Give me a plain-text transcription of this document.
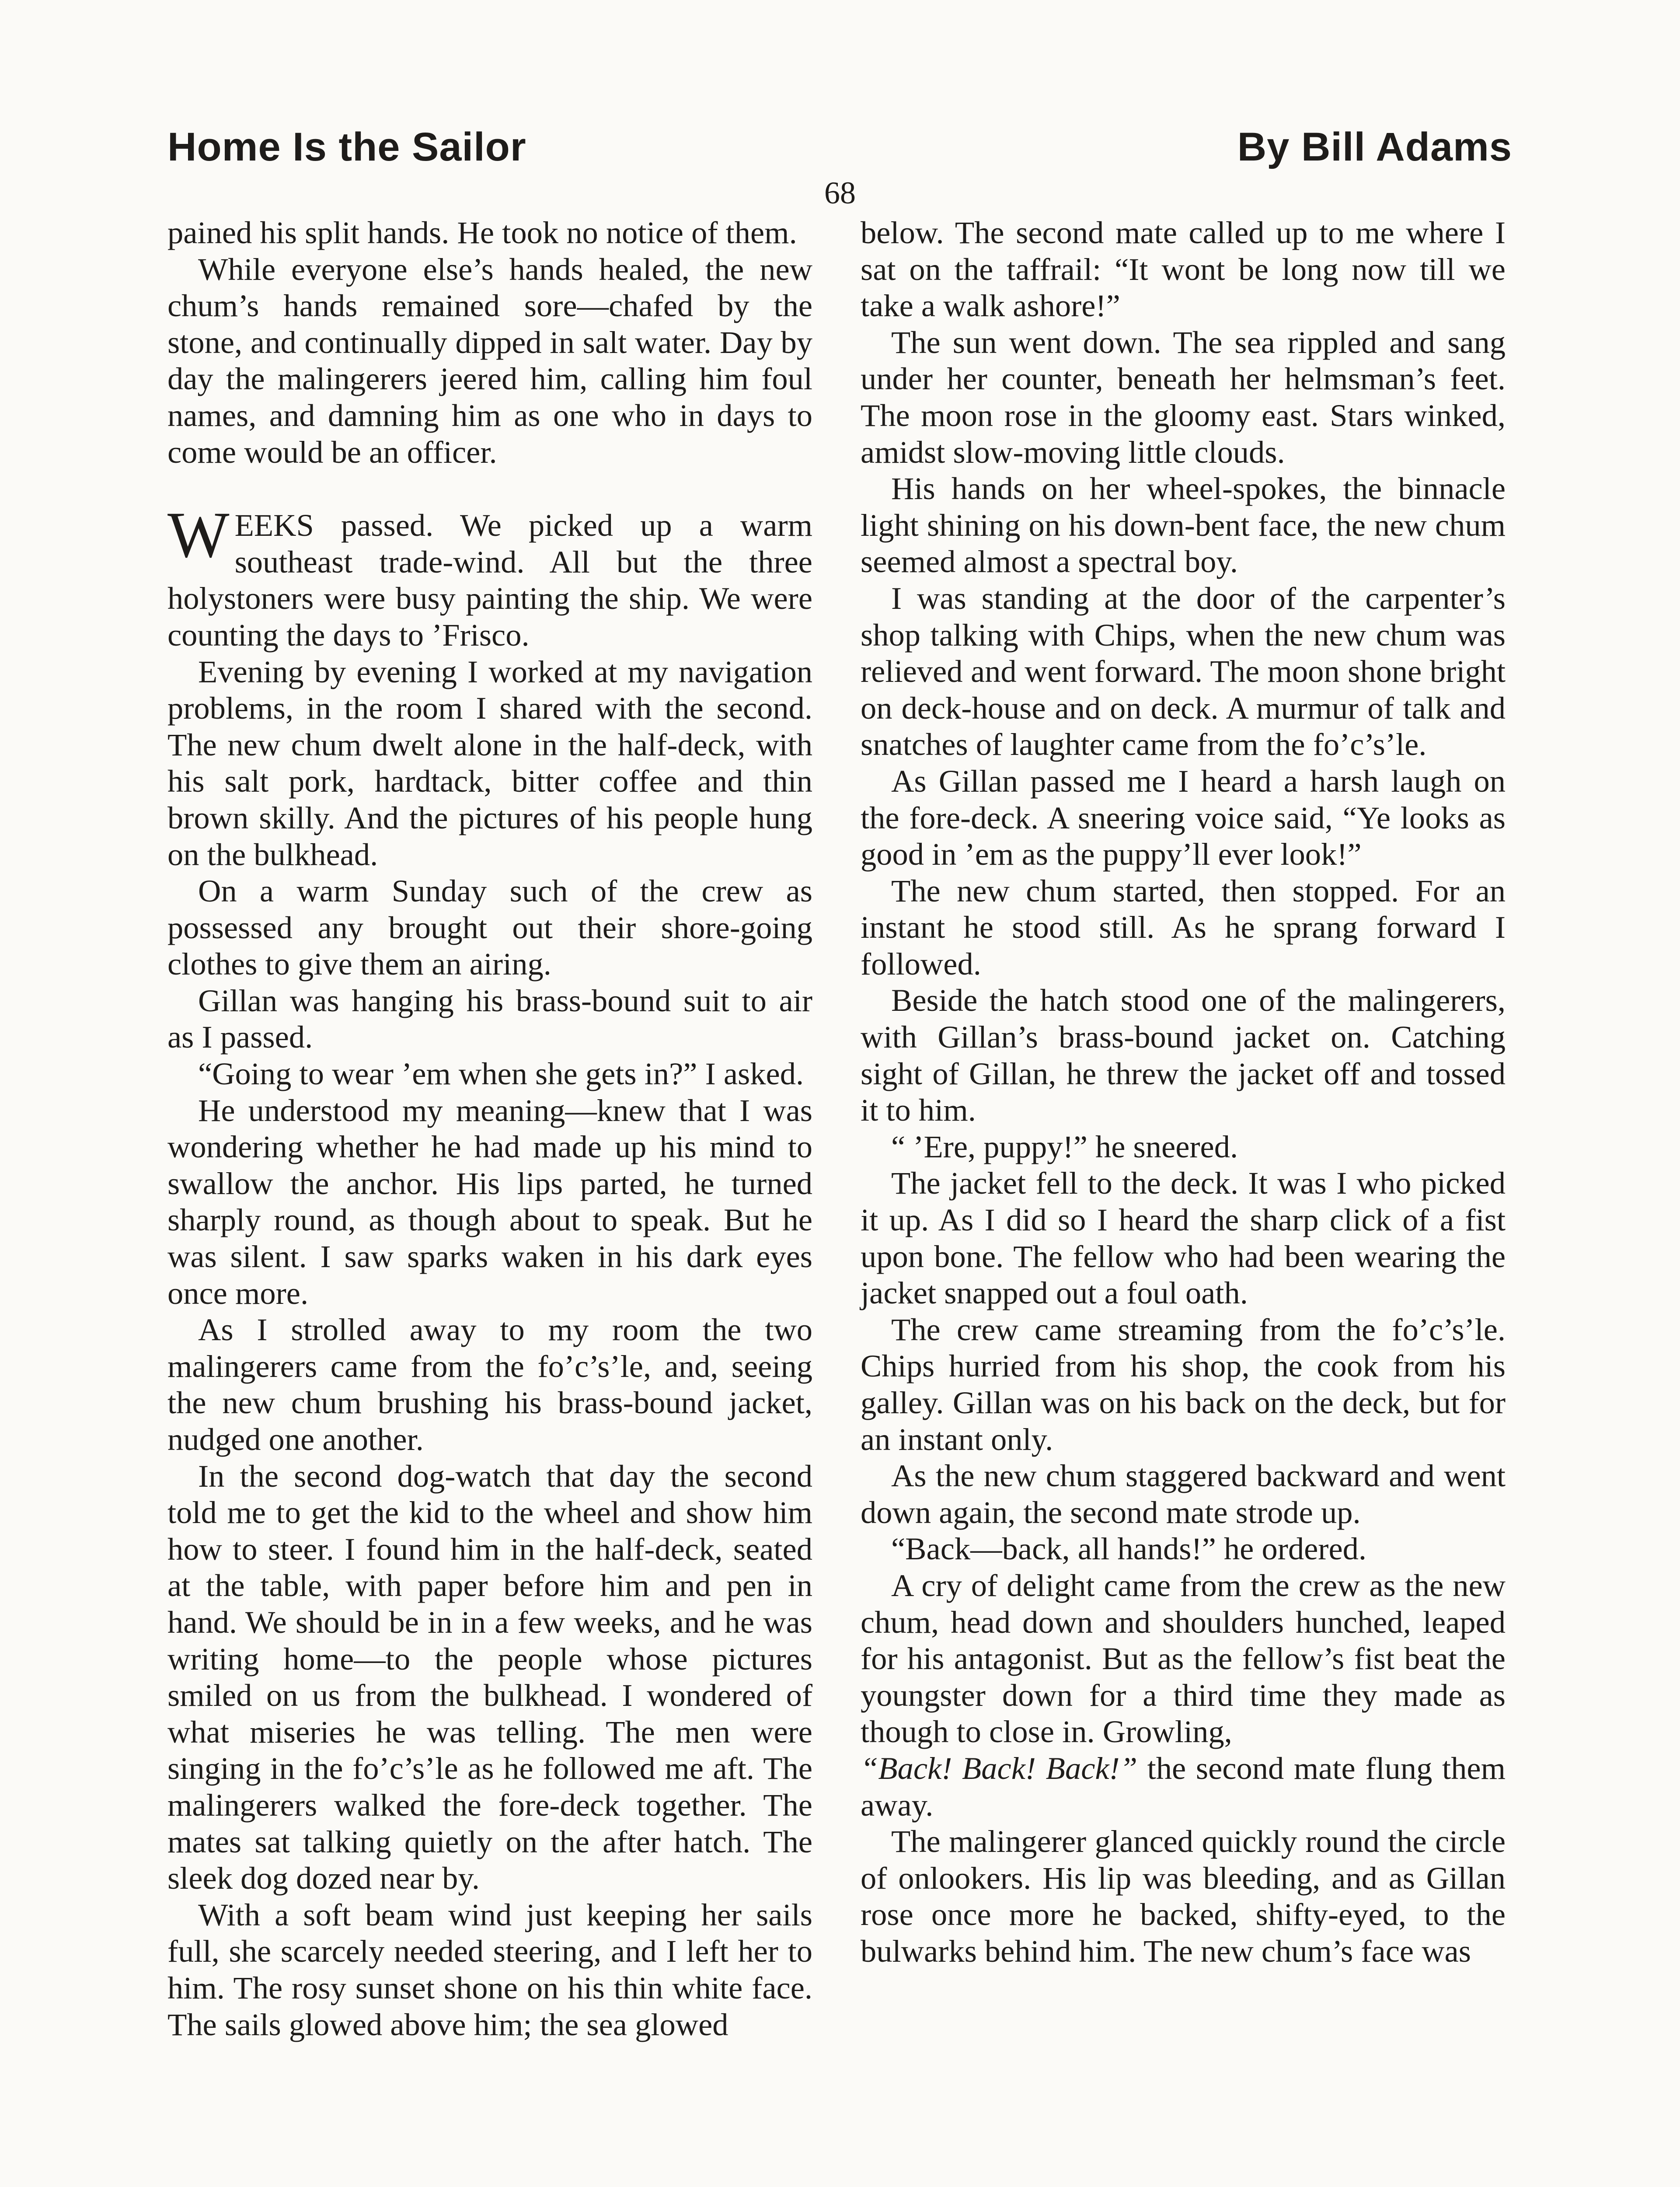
Home Is the Sailor	By Bill Adams
68

pained his split hands. He took no notice of them.

While everyone else’s hands healed, the new chum’s hands remained sore—chafed by the stone, and continually dipped in salt water. Day by day the malingerers jeered him, calling him foul names, and damning him as one who in days to come would be an officer.

WEEKS passed. We picked up a warm southeast trade-wind. All but the three holystoners were busy painting the ship. We were counting the days to ’Frisco.

Evening by evening I worked at my navigation problems, in the room I shared with the second. The new chum dwelt alone in the half-deck, with his salt pork, hardtack, bitter coffee and thin brown skilly. And the pictures of his people hung on the bulkhead.

On a warm Sunday such of the crew as possessed any brought out their shore-going clothes to give them an airing.

Gillan was hanging his brass-bound suit to air as I passed.

“Going to wear ’em when she gets in?” I asked.

He understood my meaning—knew that I was wondering whether he had made up his mind to swallow the anchor. His lips parted, he turned sharply round, as though about to speak. But he was silent. I saw sparks waken in his dark eyes once more.

As I strolled away to my room the two malingerers came from the fo’c’s’le, and, seeing the new chum brushing his brass-bound jacket, nudged one another.

In the second dog-watch that day the second told me to get the kid to the wheel and show him how to steer. I found him in the half-deck, seated at the table, with paper before him and pen in hand. We should be in in a few weeks, and he was writing home—to the people whose pictures smiled on us from the bulkhead. I wondered of what miseries he was telling. The men were singing in the fo’c’s’le as he followed me aft. The malingerers walked the fore-deck together. The mates sat talking quietly on the after hatch. The sleek dog dozed near by.

With a soft beam wind just keeping her sails full, she scarcely needed steering, and I left her to him. The rosy sunset shone on his thin white face. The sails glowed above him; the sea glowed

below. The second mate called up to me where I sat on the taffrail: “It wont be long now till we take a walk ashore!”

The sun went down. The sea rippled and sang under her counter, beneath her helmsman’s feet. The moon rose in the gloomy east. Stars winked, amidst slow-moving little clouds.

His hands on her wheel-spokes, the binnacle light shining on his down-bent face, the new chum seemed almost a spectral boy.

I was standing at the door of the carpenter’s shop talking with Chips, when the new chum was relieved and went forward. The moon shone bright on deck-house and on deck. A murmur of talk and snatches of laughter came from the fo’c’s’le.

As Gillan passed me I heard a harsh laugh on the fore-deck. A sneering voice said, “Ye looks as good in ’em as the puppy’ll ever look!”

The new chum started, then stopped. For an instant he stood still. As he sprang forward I followed.

Beside the hatch stood one of the malingerers, with Gillan’s brass-bound jacket on. Catching sight of Gillan, he threw the jacket off and tossed it to him.

“ ’Ere, puppy!” he sneered.

The jacket fell to the deck. It was I who picked it up. As I did so I heard the sharp click of a fist upon bone. The fellow who had been wearing the jacket snapped out a foul oath.

The crew came streaming from the fo’c’s’le. Chips hurried from his shop, the cook from his galley. Gillan was on his back on the deck, but for an instant only.

As the new chum staggered backward and went down again, the second mate strode up.

“Back—back, all hands!” he ordered.

A cry of delight came from the crew as the new chum, head down and shoulders hunched, leaped for his antagonist. But as the fellow’s fist beat the youngster down for a third time they made as though to close in. Growling,

“Back! Back! Back!” the second mate flung them away.

The malingerer glanced quickly round the circle of onlookers. His lip was bleeding, and as Gillan rose once more he backed, shifty-eyed, to the bulwarks behind him. The new chum’s face was
